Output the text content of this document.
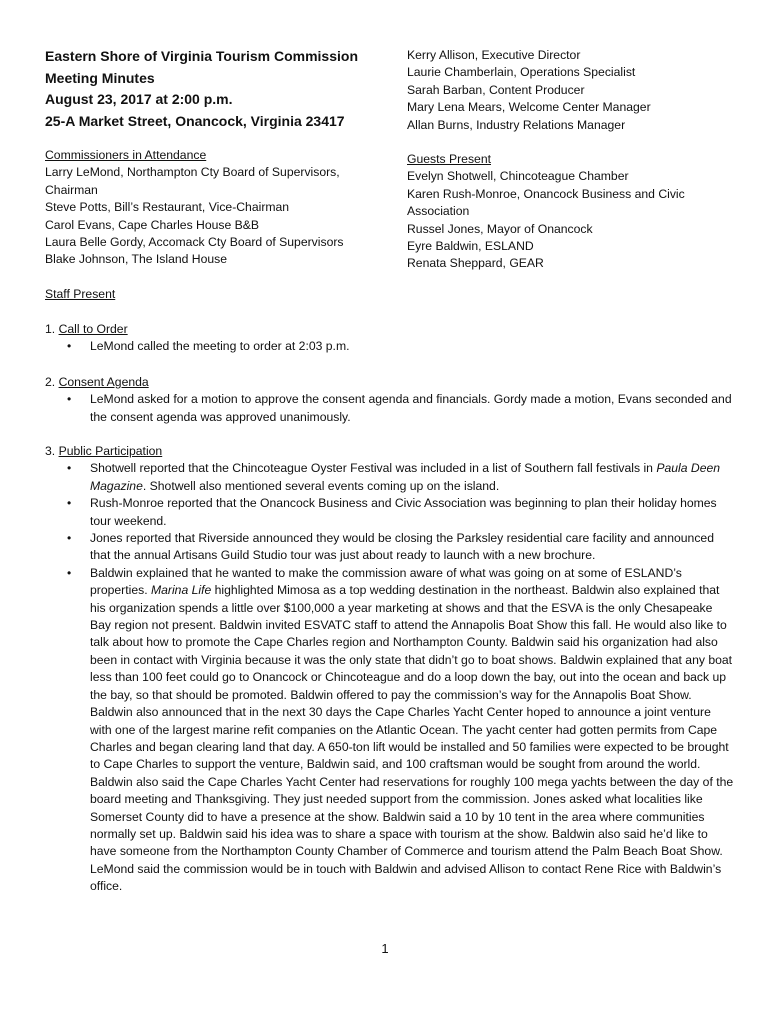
Eastern Shore of Virginia Tourism Commission
Meeting Minutes
August 23, 2017 at 2:00 p.m.
25-A Market Street, Onancock, Virginia 23417
Kerry Allison, Executive Director
Laurie Chamberlain, Operations Specialist
Sarah Barban, Content Producer
Mary Lena Mears, Welcome Center Manager
Allan Burns, Industry Relations Manager
Guests Present
Evelyn Shotwell, Chincoteague Chamber
Karen Rush-Monroe, Onancock Business and Civic
Association
Russel Jones, Mayor of Onancock
Eyre Baldwin, ESLAND
Renata Sheppard, GEAR
Commissioners in Attendance
Larry LeMond, Northampton Cty Board of Supervisors,
Chairman
Steve Potts, Bill’s Restaurant, Vice-Chairman
Carol Evans, Cape Charles House B&B
Laura Belle Gordy, Accomack Cty Board of Supervisors
Blake Johnson, The Island House
Staff Present
1. Call to Order
• LeMond called the meeting to order at 2:03 p.m.
2. Consent Agenda
• LeMond asked for a motion to approve the consent agenda and financials. Gordy made a motion, Evans seconded and the consent agenda was approved unanimously.
3. Public Participation
• Shotwell reported that the Chincoteague Oyster Festival was included in a list of Southern fall festivals in Paula Deen Magazine. Shotwell also mentioned several events coming up on the island.
• Rush-Monroe reported that the Onancock Business and Civic Association was beginning to plan their holiday homes tour weekend.
• Jones reported that Riverside announced they would be closing the Parksley residential care facility and announced that the annual Artisans Guild Studio tour was just about ready to launch with a new brochure.
• Baldwin explained that he wanted to make the commission aware of what was going on at some of ESLAND’s properties. Marina Life highlighted Mimosa as a top wedding destination in the northeast. Baldwin also explained that his organization spends a little over $100,000 a year marketing at shows and that the ESVA is the only Chesapeake Bay region not present. Baldwin invited ESVATC staff to attend the Annapolis Boat Show this fall. He would also like to talk about how to promote the Cape Charles region and Northampton County. Baldwin said his organization had also been in contact with Virginia because it was the only state that didn’t go to boat shows. Baldwin explained that any boat less than 100 feet could go to Onancock or Chincoteague and do a loop down the bay, out into the ocean and back up the bay, so that should be promoted. Baldwin offered to pay the commission’s way for the Annapolis Boat Show. Baldwin also announced that in the next 30 days the Cape Charles Yacht Center hoped to announce a joint venture with one of the largest marine refit companies on the Atlantic Ocean. The yacht center had gotten permits from Cape Charles and began clearing land that day. A 650-ton lift would be installed and 50 families were expected to be brought to Cape Charles to support the venture, Baldwin said, and 100 craftsman would be sought from around the world. Baldwin also said the Cape Charles Yacht Center had reservations for roughly 100 mega yachts between the day of the board meeting and Thanksgiving. They just needed support from the commission. Jones asked what localities like Somerset County did to have a presence at the show. Baldwin said a 10 by 10 tent in the area where communities normally set up. Baldwin said his idea was to share a space with tourism at the show. Baldwin also said he’d like to have someone from the Northampton County Chamber of Commerce and tourism attend the Palm Beach Boat Show. LeMond said the commission would be in touch with Baldwin and advised Allison to contact Rene Rice with Baldwin’s office.
1
